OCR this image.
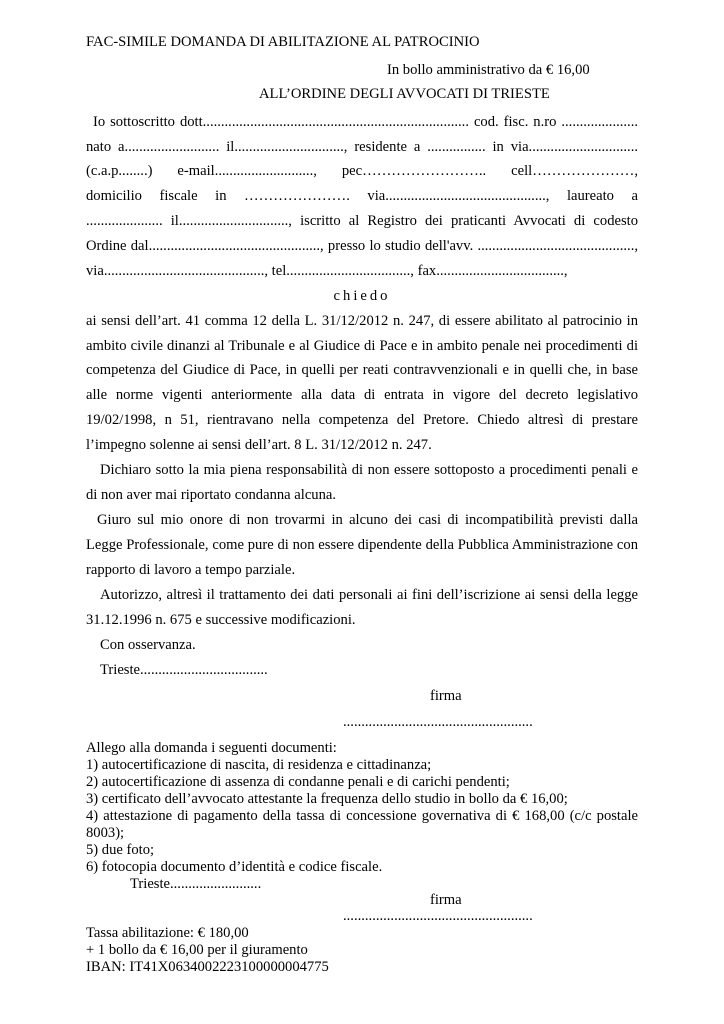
FAC-SIMILE DOMANDA DI ABILITAZIONE AL PATROCINIO
In bollo amministrativo da € 16,00
ALL’ORDINE DEGLI AVVOCATI DI TRIESTE
Io sottoscritto dott......................................................................... cod. fisc. n.ro .....................
nato a.......................... il.............................., residente a ................ in via..............................
(c.a.p........) e-mail..........................., pec…………………….. cell…………………,
domicilio fiscale in …………………. via............................................, laureato a
..................... il.............................., iscritto al Registro dei praticanti Avvocati di codesto
Ordine dal..............................................., presso lo studio dell'avv. ...........................................,
via............................................, tel.................................., fax...................................,
chiedo
ai sensi dell’art. 41 comma 12 della L. 31/12/2012 n. 247, di essere abilitato al patrocinio in
ambito civile dinanzi al Tribunale e al Giudice di Pace e in ambito penale nei procedimenti di
competenza del Giudice di Pace, in quelli per reati contravvenzionali e in quelli che, in base
alle norme vigenti anteriormente alla data di entrata in vigore del decreto legislativo
19/02/1998, n 51, rientravano nella competenza del Pretore. Chiedo altresì di prestare
l’impegno solenne ai sensi dell’art. 8 L. 31/12/2012 n. 247.
Dichiaro sotto la mia piena responsabilità di non essere sottoposto a procedimenti penali e
di non aver mai riportato condanna alcuna.
Giuro sul mio onore di non trovarmi in alcuno dei casi di incompatibilità previsti dalla
Legge Professionale, come pure di non essere dipendente della Pubblica Amministrazione con
rapporto di lavoro a tempo parziale.
Autorizzo, altresì il trattamento dei dati personali ai fini dell’iscrizione ai sensi della legge
31.12.1996 n. 675 e successive modificazioni.
Con osservanza.
Trieste...................................
firma
....................................................
Allego alla domanda i seguenti documenti:
1) autocertificazione di nascita, di residenza e cittadinanza;
2) autocertificazione di assenza di condanne penali e di carichi pendenti;
3) certificato dell’avvocato attestante la frequenza dello studio in bollo da € 16,00;
4) attestazione di pagamento della tassa di concessione governativa di € 168,00 (c/c postale
8003);
5) due foto;
6) fotocopia documento d’identità e codice fiscale.
Trieste.........................
firma
....................................................
Tassa abilitazione: € 180,00
+ 1 bollo da € 16,00 per il giuramento
IBAN: IT41X0634002223100000004775
